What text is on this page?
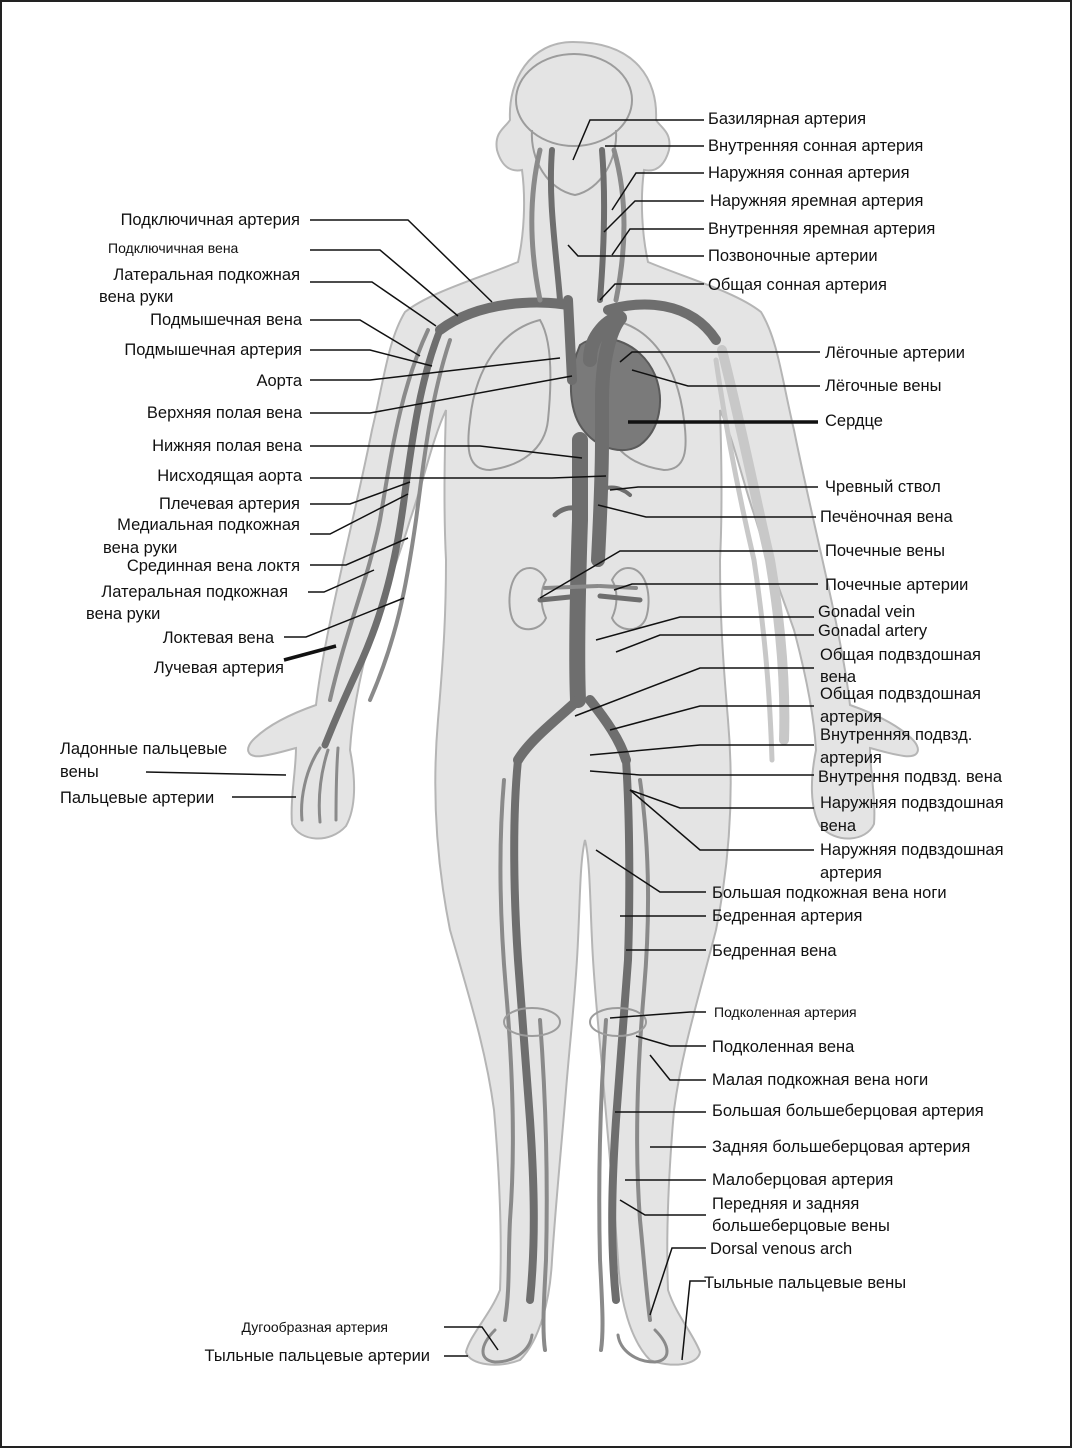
Базилярная артерия
Внутренняя сонная артерия
Наружняя сонная артерия
Наружняя яремная артерия
Внутренняя яремная артерия
Позвоночные артерии
Общая сонная артерия
Лёгочные артерии
Лёгочные вены
Сердце
Чревный ствол
Печёночная вена
Почечные вены
Почечные артерии
Gonadal vein
Gonadal artery
Общая подвздошная
вена
Общая подвздошная
артерия
Внутренняя подвзд.
артерия
Внутрення подвзд. вена
Наружняя подвздошная
вена
Наружняя подвздошная
артерия
Большая подкожная вена ноги
Бедренная артерия
Бедренная вена
Подколенная артерия
Подколенная вена
Малая подкожная вена ноги
Большая большеберцовая артерия
Задняя большеберцовая артерия
Малоберцовая артерия
Передняя и задняя
большеберцовые вены
Dorsal venous arch
Тыльные пальцевые вены
Подключичная артерия
Подключичная вена
Латеральная подкожная
вена руки
Подмышечная вена
Подмышечная артерия
Аорта
Верхняя полая вена
Нижняя полая вена
Нисходящая аорта
Плечевая артерия
Медиальная подкожная
вена руки
Срединная вена локтя
Латеральная подкожная
вена руки
Локтевая вена
Лучевая артерия
Ладонные пальцевые
вены
Пальцевые артерии
Дугообразная артерия
Тыльные пальцевые артерии
